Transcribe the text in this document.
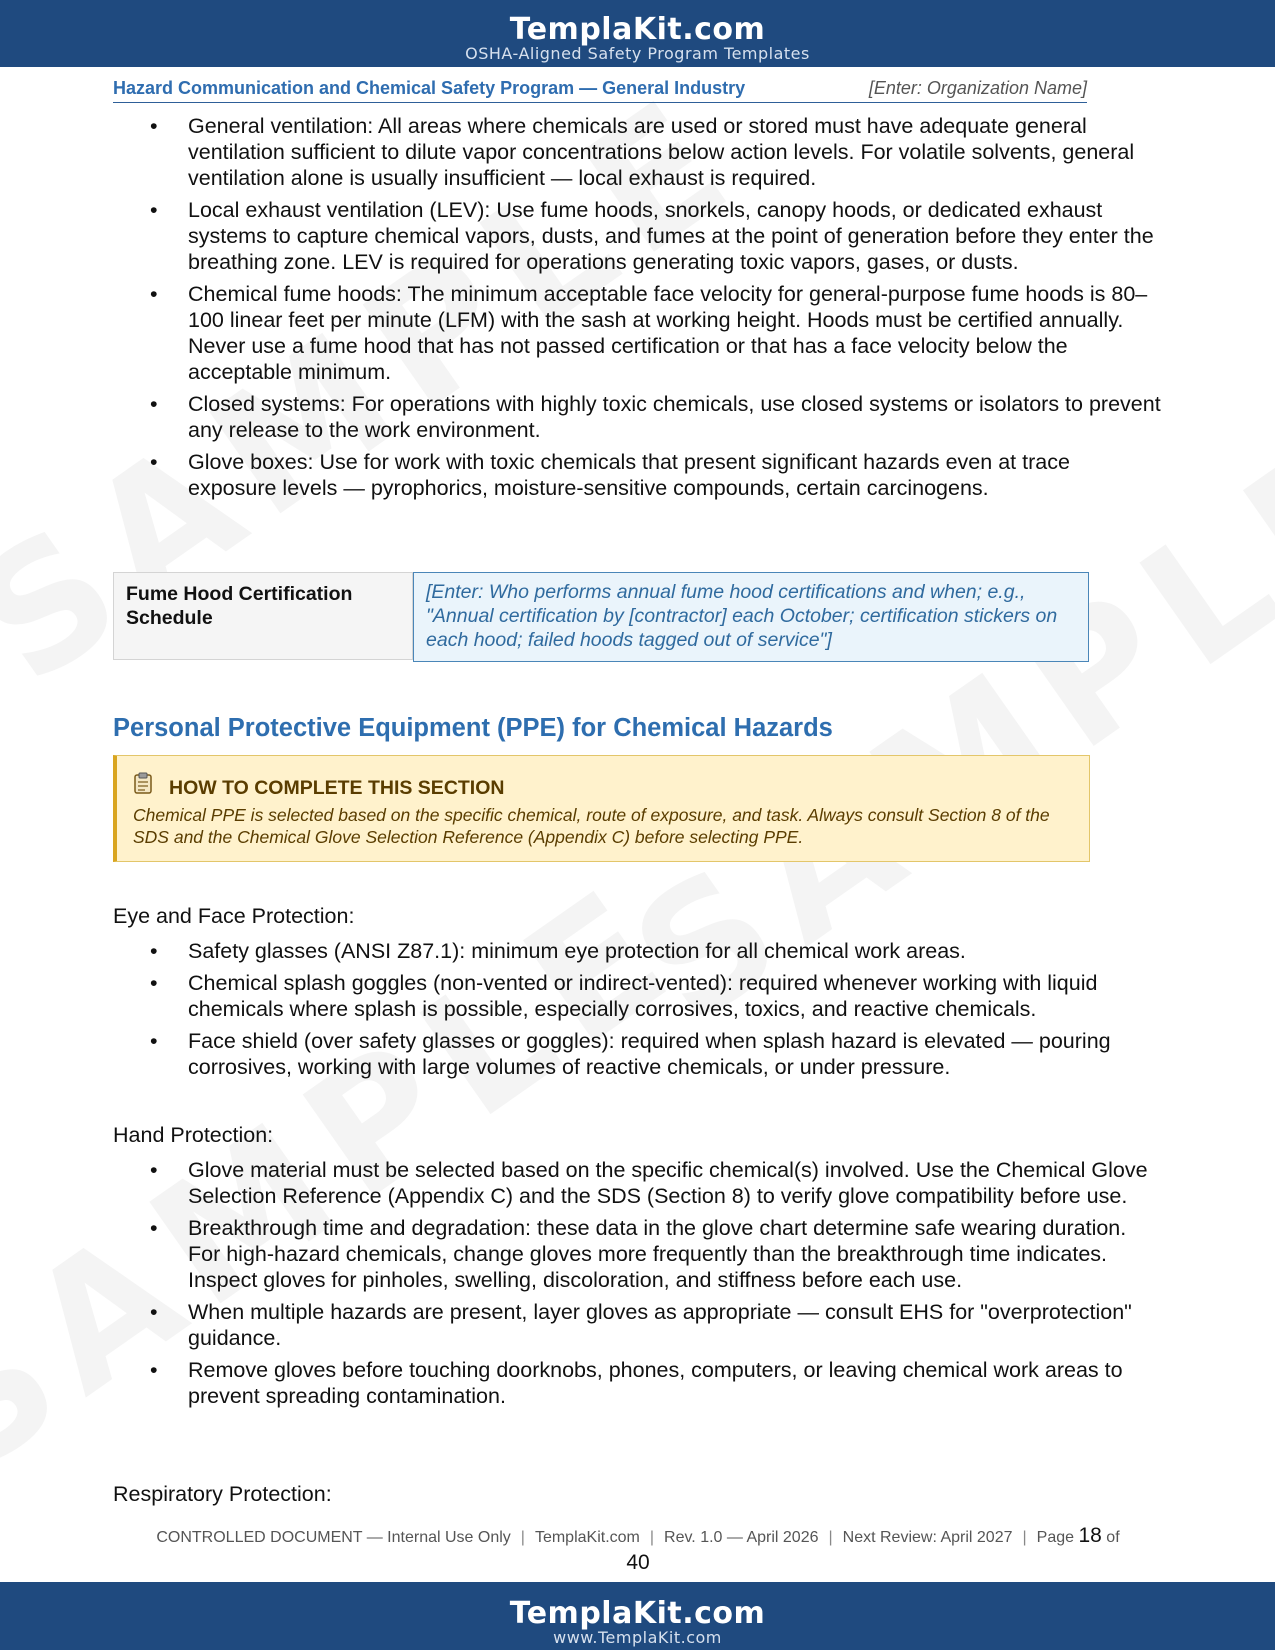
TemplaKit.com
OSHA-Aligned Safety Program Templates
Hazard Communication and Chemical Safety Program — General Industry	[Enter: Organization Name]
• General ventilation: All areas where chemicals are used or stored must have adequate general ventilation sufficient to dilute vapor concentrations below action levels. For volatile solvents, general ventilation alone is usually insufficient — local exhaust is required.
• Local exhaust ventilation (LEV): Use fume hoods, snorkels, canopy hoods, or dedicated exhaust systems to capture chemical vapors, dusts, and fumes at the point of generation before they enter the breathing zone. LEV is required for operations generating toxic vapors, gases, or dusts.
• Chemical fume hoods: The minimum acceptable face velocity for general-purpose fume hoods is 80–100 linear feet per minute (LFM) with the sash at working height. Hoods must be certified annually. Never use a fume hood that has not passed certification or that has a face velocity below the acceptable minimum.
• Closed systems: For operations with highly toxic chemicals, use closed systems or isolators to prevent any release to the work environment.
• Glove boxes: Use for work with toxic chemicals that present significant hazards even at trace exposure levels — pyrophorics, moisture-sensitive compounds, certain carcinogens.
Fume Hood Certification Schedule
[Enter: Who performs annual fume hood certifications and when; e.g., "Annual certification by [contractor] each October; certification stickers on each hood; failed hoods tagged out of service"]
Personal Protective Equipment (PPE) for Chemical Hazards
HOW TO COMPLETE THIS SECTION
Chemical PPE is selected based on the specific chemical, route of exposure, and task. Always consult Section 8 of the SDS and the Chemical Glove Selection Reference (Appendix C) before selecting PPE.
Eye and Face Protection:
• Safety glasses (ANSI Z87.1): minimum eye protection for all chemical work areas.
• Chemical splash goggles (non-vented or indirect-vented): required whenever working with liquid chemicals where splash is possible, especially corrosives, toxics, and reactive chemicals.
• Face shield (over safety glasses or goggles): required when splash hazard is elevated — pouring corrosives, working with large volumes of reactive chemicals, or under pressure.
Hand Protection:
• Glove material must be selected based on the specific chemical(s) involved. Use the Chemical Glove Selection Reference (Appendix C) and the SDS (Section 8) to verify glove compatibility before use.
• Breakthrough time and degradation: these data in the glove chart determine safe wearing duration. For high-hazard chemicals, change gloves more frequently than the breakthrough time indicates. Inspect gloves for pinholes, swelling, discoloration, and stiffness before each use.
• When multiple hazards are present, layer gloves as appropriate — consult EHS for "overprotection" guidance.
• Remove gloves before touching doorknobs, phones, computers, or leaving chemical work areas to prevent spreading contamination.
Respiratory Protection:
CONTROLLED DOCUMENT — Internal Use Only | TemplaKit.com | Rev. 1.0 — April 2026 | Next Review: April 2027 | Page 18 of
40
TemplaKit.com
www.TemplaKit.com
